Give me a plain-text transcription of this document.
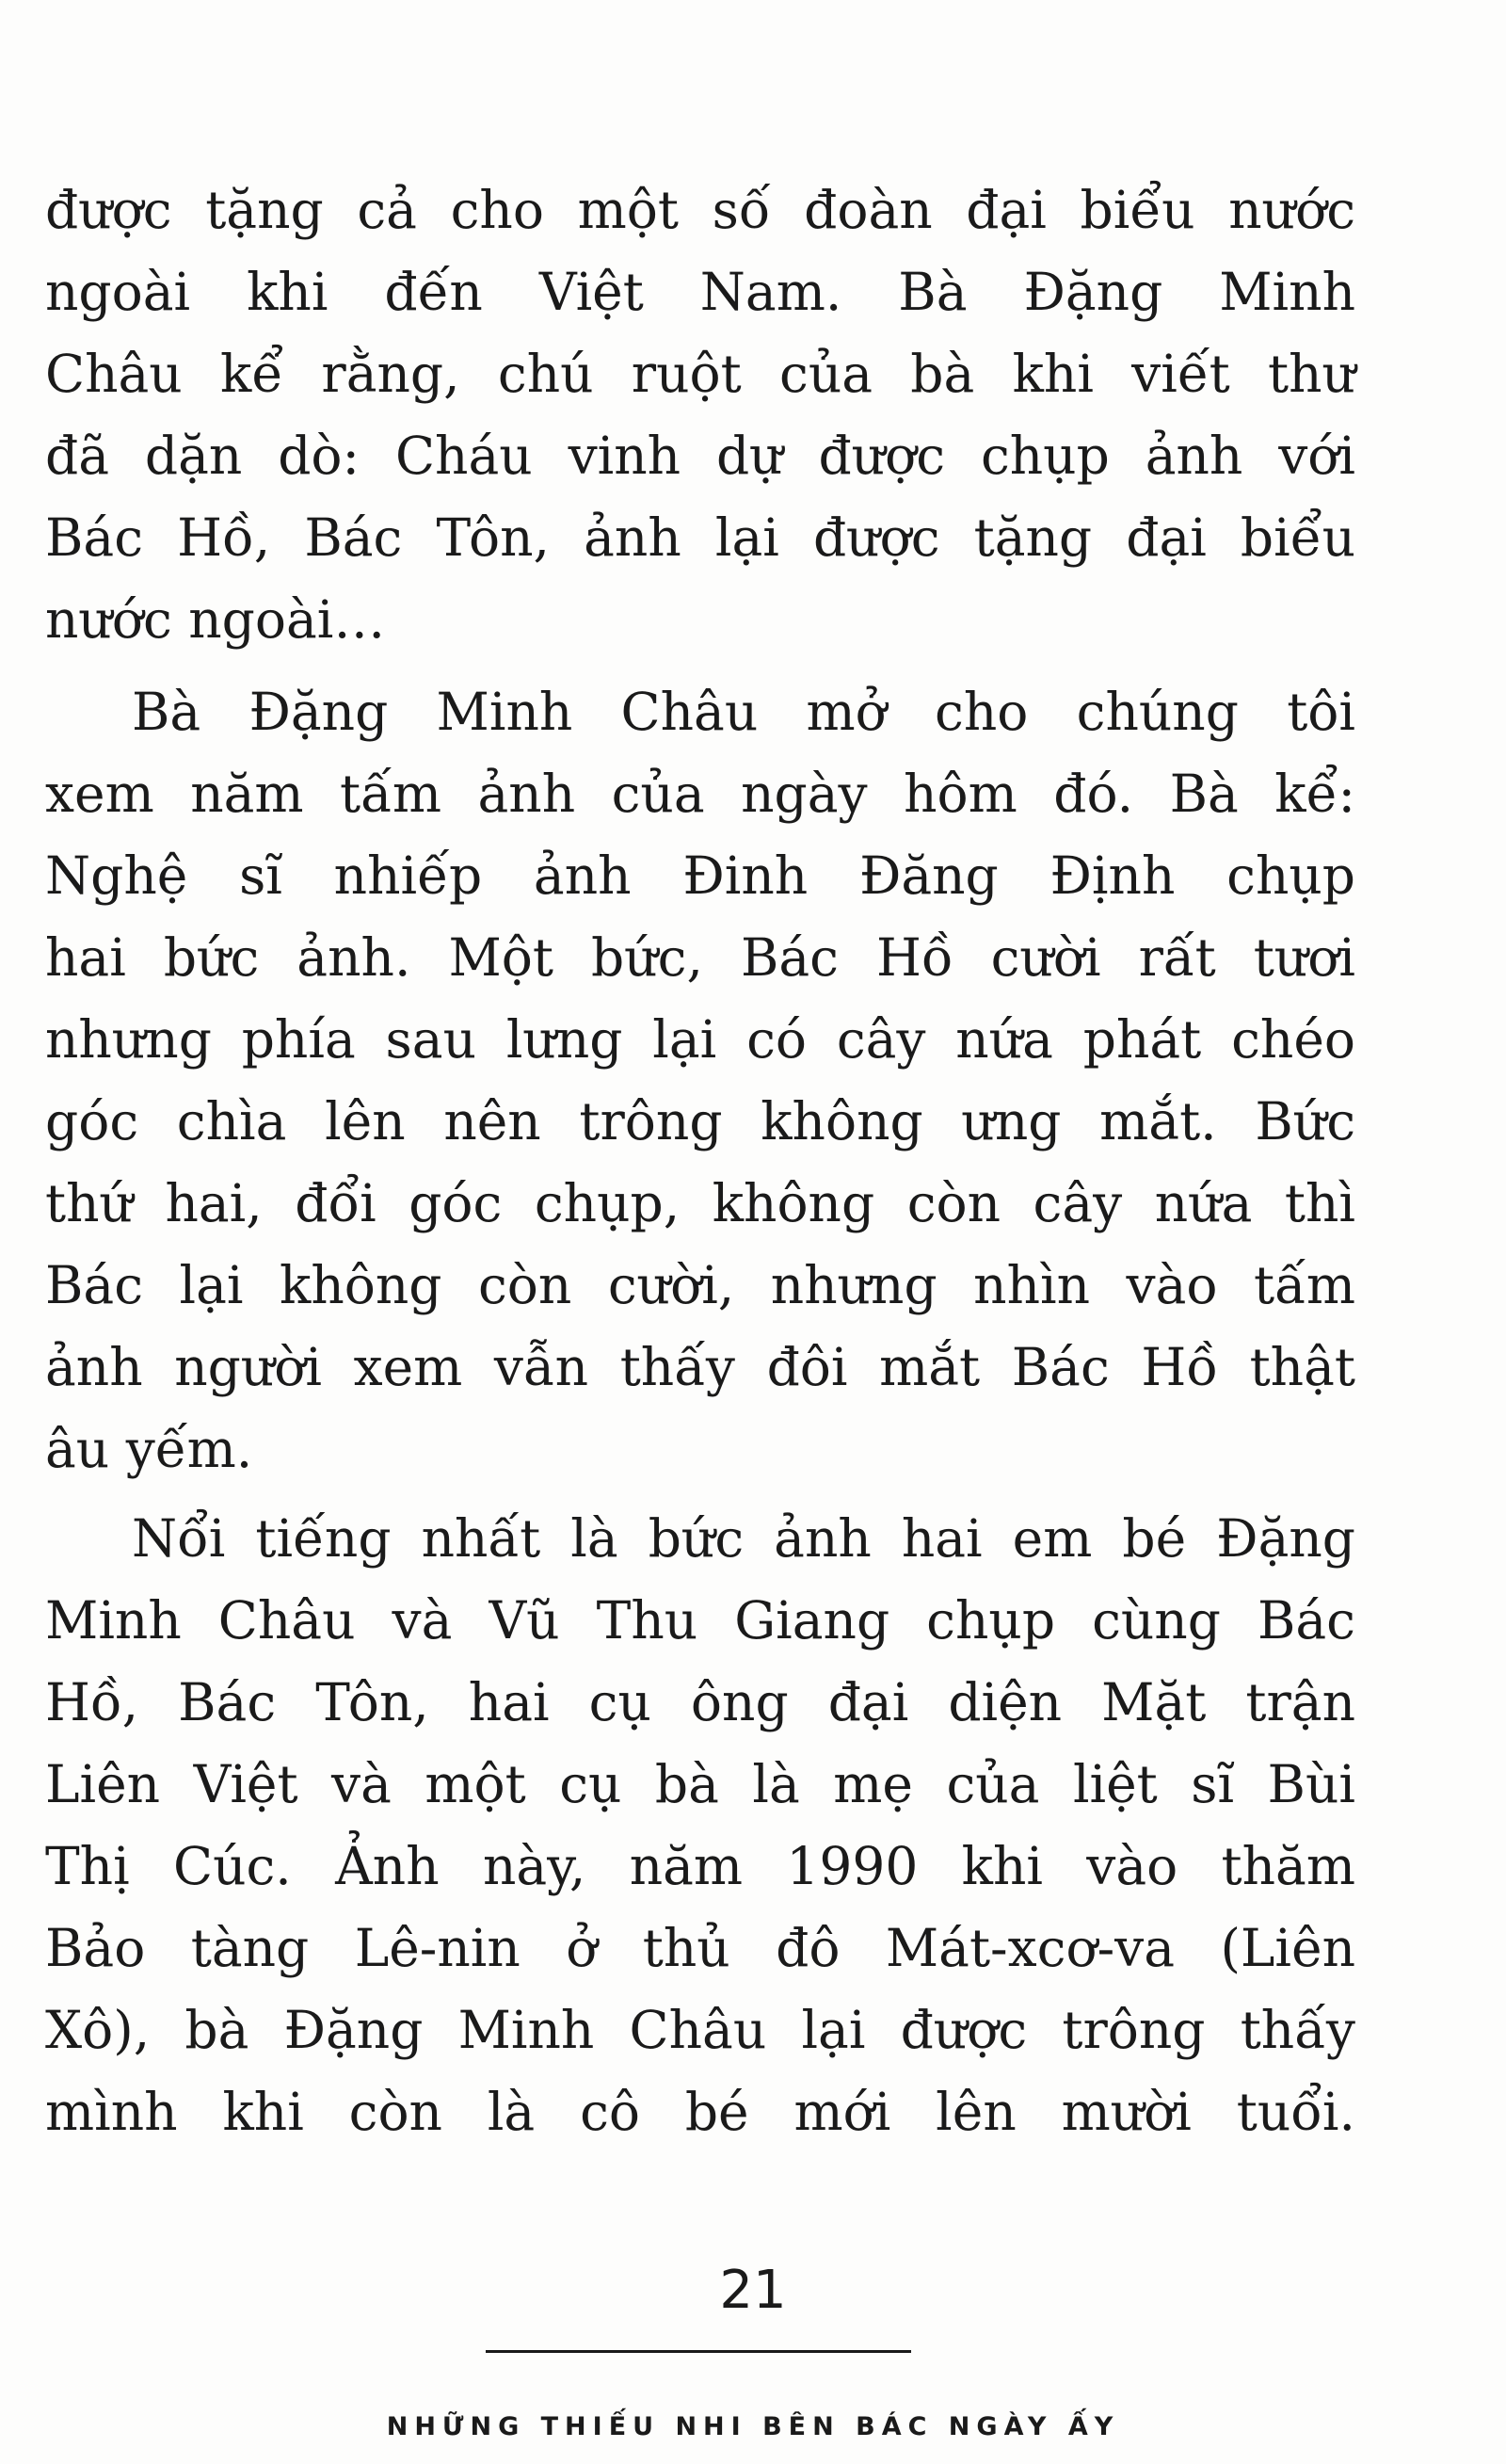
được tặng cả cho một số đoàn đại biểu nước
ngoài khi đến Việt Nam. Bà Đặng Minh
Châu kể rằng, chú ruột của bà khi viết thư
đã dặn dò: Cháu vinh dự được chụp ảnh với
Bác Hồ, Bác Tôn, ảnh lại được tặng đại biểu
nước ngoài…
Bà Đặng Minh Châu mở cho chúng tôi
xem năm tấm ảnh của ngày hôm đó. Bà kể:
Nghệ sĩ nhiếp ảnh Đinh Đăng Định chụp
hai bức ảnh. Một bức, Bác Hồ cười rất tươi
nhưng phía sau lưng lại có cây nứa phát chéo
góc chìa lên nên trông không ưng mắt. Bức
thứ hai, đổi góc chụp, không còn cây nứa thì
Bác lại không còn cười, nhưng nhìn vào tấm
ảnh người xem vẫn thấy đôi mắt Bác Hồ thật
âu yếm.
Nổi tiếng nhất là bức ảnh hai em bé Đặng
Minh Châu và Vũ Thu Giang chụp cùng Bác
Hồ, Bác Tôn, hai cụ ông đại diện Mặt trận
Liên Việt và một cụ bà là mẹ của liệt sĩ Bùi
Thị Cúc. Ảnh này, năm 1990 khi vào thăm
Bảo tàng Lê-nin ở thủ đô Mát-xcơ-va (Liên
Xô), bà Đặng Minh Châu lại được trông thấy
mình khi còn là cô bé mới lên mười tuổi.
21
NHỮNG THIẾU NHI BÊN BÁC NGÀY ẤY
